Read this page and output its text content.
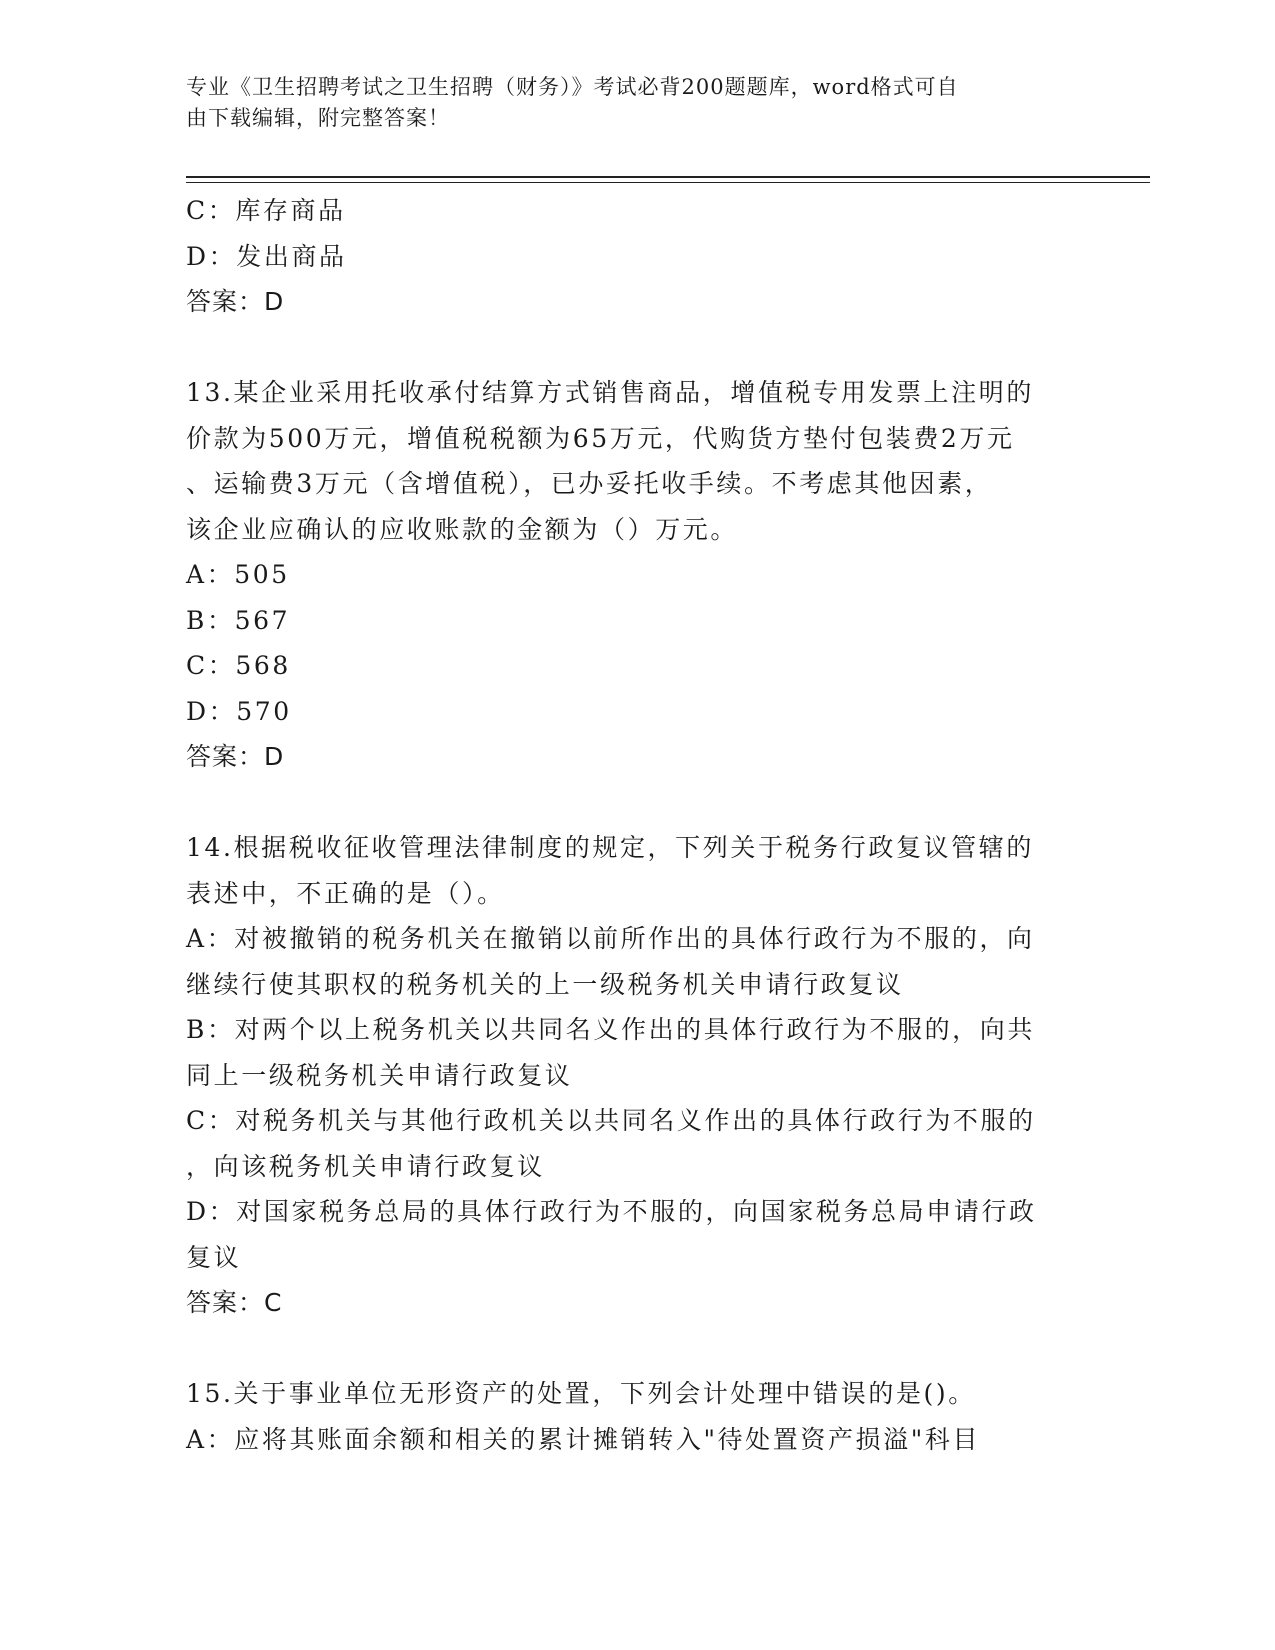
专业《卫生招聘考试之卫生招聘（财务）》考试必背200题题库，word格式可自
由下载编辑，附完整答案！
C：库存商品
D：发出商品
答案：D
13.某企业采用托收承付结算方式销售商品，增值税专用发票上注明的
价款为500万元，增值税税额为65万元，代购货方垫付包装费2万元
、运输费3万元（含增值税），已办妥托收手续。不考虑其他因素，
该企业应确认的应收账款的金额为（）万元。
A：505
B：567
C：568
D：570
答案：D
14.根据税收征收管理法律制度的规定，下列关于税务行政复议管辖的
表述中，不正确的是（）。
A：对被撤销的税务机关在撤销以前所作出的具体行政行为不服的，向
继续行使其职权的税务机关的上一级税务机关申请行政复议
B：对两个以上税务机关以共同名义作出的具体行政行为不服的，向共
同上一级税务机关申请行政复议
C：对税务机关与其他行政机关以共同名义作出的具体行政行为不服的
，向该税务机关申请行政复议
D：对国家税务总局的具体行政行为不服的，向国家税务总局申请行政
复议
答案：C
15.关于事业单位无形资产的处置，下列会计处理中错误的是()。
A：应将其账面余额和相关的累计摊销转入"待处置资产损溢"科目
